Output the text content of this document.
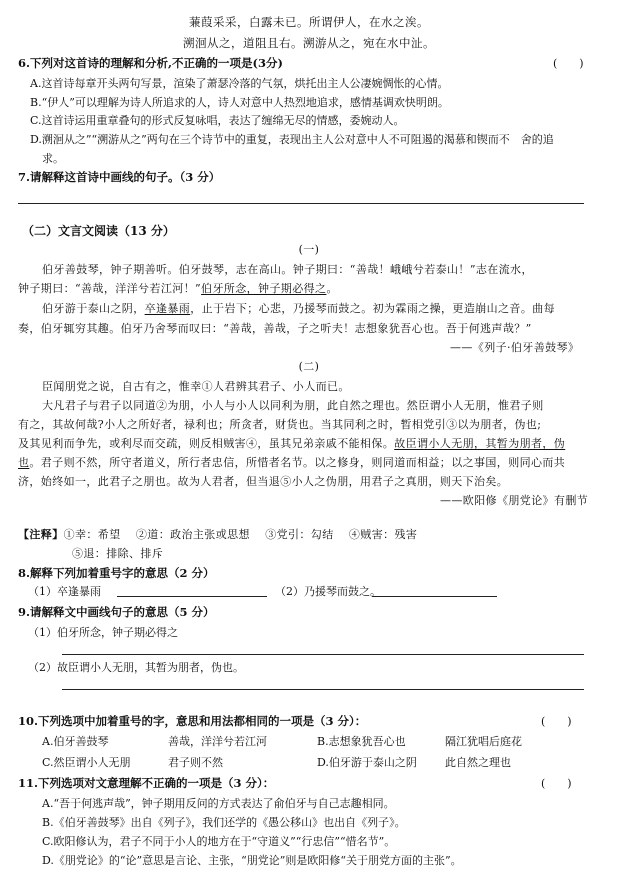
蒹葭采采，白露未已。所谓伊人，在水之涘。
溯洄从之，道阻且右。溯游从之，宛在水中沚。
6.下列对这首诗的理解和分析,不正确的一项是(3分)	(　　)
A.这首诗每章开头两句写景，渲染了萧瑟冷落的气氛，烘托出主人公凄婉惆怅的心情。
B.“伊人”可以理解为诗人所追求的人，诗人对意中人热烈地追求，感情基调欢快明朗。
C.这首诗运用重章叠句的形式反复咏唱，表达了缠绵无尽的情感，委婉动人。
D.溯洄从之”“溯游从之”两句在三个诗节中的重复，表现出主人公对意中人不可阻遏的渴慕和锲而不　舍的追
求。
7.请解释这首诗中画线的句子。（3 分）
（二）文言文阅读（13 分）
(一)
伯牙善鼓琴，钟子期善听。伯牙鼓琴，志在高山。钟子期曰：“善哉！峨峨兮若泰山！”志在流水，
钟子期曰：“善哉，洋洋兮若江河！”伯牙所念，钟子期必得之。
伯牙游于泰山之阴，卒逢暴雨，止于岩下；心悲，乃援琴而鼓之。初为霖雨之操，更造崩山之音。曲每
奏，伯牙辄穷其趣。伯牙乃舍琴而叹曰：“善哉，善哉，子之听夫！志想象犹吾心也。吾于何逃声哉？”
——《列子·伯牙善鼓琴》
(二)
臣闻朋党之说，自古有之，惟幸①人君辨其君子、小人而已。
大凡君子与君子以同道②为朋，小人与小人以同利为朋，此自然之理也。然臣谓小人无朋，惟君子则
有之，其故何哉?小人之所好者，禄利也；所贪者，财货也。当其同利之时，暂相党引③以为朋者，伪也;
及其见利而争先，或利尽而交疏，则反相贼害④，虽其兄弟亲戚不能相保。故臣谓小人无朋，其暂为朋者，伪
也。君子则不然，所守者道义，所行者忠信，所惜者名节。以之修身，则同道而相益；以之事国，则同心而共
济，始终如一，此君子之朋也。故为人君者，但当退⑤小人之伪朋，用君子之真朋，则天下治矣。
——欧阳修《朋党论》有删节
【注释】①幸：希望　 ②道：政治主张或思想　 ③党引：勾结　 ④贼害：残害
⑤退：排除、排斥
8.解释下列加着重号字的意思（2 分）
（1）卒逢暴雨	（2）乃援琴而鼓之。
9.请解释文中画线句子的意思（5 分）
（1）伯牙所念，钟子期必得之
（2）故臣谓小人无朋，其暂为朋者，伪也。
10.下列选项中加着重号的字，意思和用法都相同的一项是（3 分）：	(　　)
A.伯牙善鼓琴	善哉，洋洋兮若江河	B.志想象犹吾心也	隔江犹唱后庭花
C.然臣谓小人无朋	君子则不然	D.伯牙游于泰山之阴	此自然之理也
11.下列选项对文意理解不正确的一项是（3 分）：	(　　)
A.“吾于何逃声哉”，钟子期用反问的方式表达了俞伯牙与自己志趣相同。
B.《伯牙善鼓琴》出自《列子》，我们还学的《愚公移山》也出自《列子》。
C.欧阳修认为，君子不同于小人的地方在于“守道义”“行忠信”“惜名节”。
D.《朋党论》的“论”意思是言论、主张，“朋党论”则是欧阳修“关于朋党方面的主张”。
